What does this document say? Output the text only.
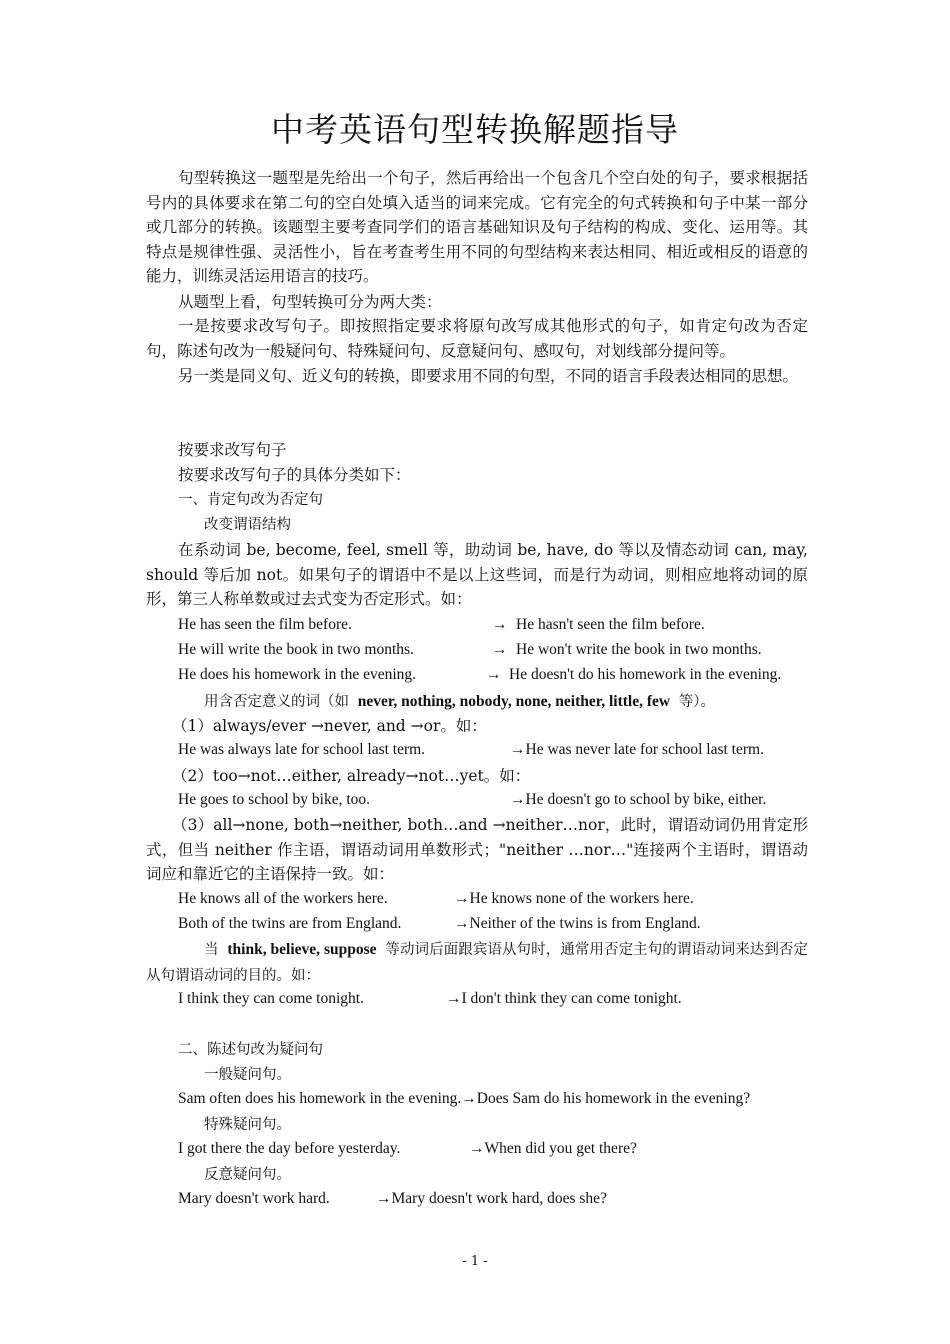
中考英语句型转换解题指导
句型转换这一题型是先给出一个句子，然后再给出一个包含几个空白处的句子，要求根据括号内的具体要求在第二句的空白处填入适当的词来完成。它有完全的句式转换和句子中某一部分或几部分的转换。该题型主要考查同学们的语言基础知识及句子结构的构成、变化、运用等。其特点是规律性强、灵活性小，旨在考查考生用不同的句型结构来表达相同、相近或相反的语意的能力，训练灵活运用语言的技巧。
从题型上看，句型转换可分为两大类：
一是按要求改写句子。即按照指定要求将原句改写成其他形式的句子，如肯定句改为否定句，陈述句改为一般疑问句、特殊疑问句、反意疑问句、感叹句，对划线部分提问等。
另一类是同义句、近义句的转换，即要求用不同的句型，不同的语言手段表达相同的思想。
按要求改写句子
按要求改写句子的具体分类如下：
一、肯定句改为否定句
改变谓语结构
在系动词 be, become, feel, smell 等，助动词 be, have, do 等以及情态动词 can, may, should 等后加 not。如果句子的谓语中不是以上这些词，而是行为动词，则相应地将动词的原形，第三人称单数或过去式变为否定形式。如：
He has seen the film before.	→ He hasn't seen the film before.
He will write the book in two months.	→ He won't write the book in two months.
He does his homework in the evening.	→ He doesn't do his homework in the evening.
用含否定意义的词（如 never, nothing, nobody, none, neither, little, few 等）。
（1）always/ever →never, and →or。如：
He was always late for school last term.	→He was never late for school last term.
（2）too→not…either, already→not…yet。如：
He goes to school by bike, too.	→He doesn't go to school by bike, either.
（3）all→none, both→neither, both…and →neither…nor，此时，谓语动词仍用肯定形式，但当 neither 作主语，谓语动词用单数形式；"neither …nor…"连接两个主语时，谓语动词应和靠近它的主语保持一致。如：
He knows all of the workers here.	→He knows none of the workers here.
Both of the twins are from England.	→Neither of the twins is from England.
当 think, believe, suppose 等动词后面跟宾语从句时，通常用否定主句的谓语动词来达到否定从句谓语动词的目的。如：
I think they can come tonight.	→I don't think they can come tonight.
二、陈述句改为疑问句
一般疑问句。
Sam often does his homework in the evening.→Does Sam do his homework in the evening?
特殊疑问句。
I got there the day before yesterday.	→When did you get there?
反意疑问句。
Mary doesn't work hard.	→Mary doesn't work hard, does she?
- 1 -
